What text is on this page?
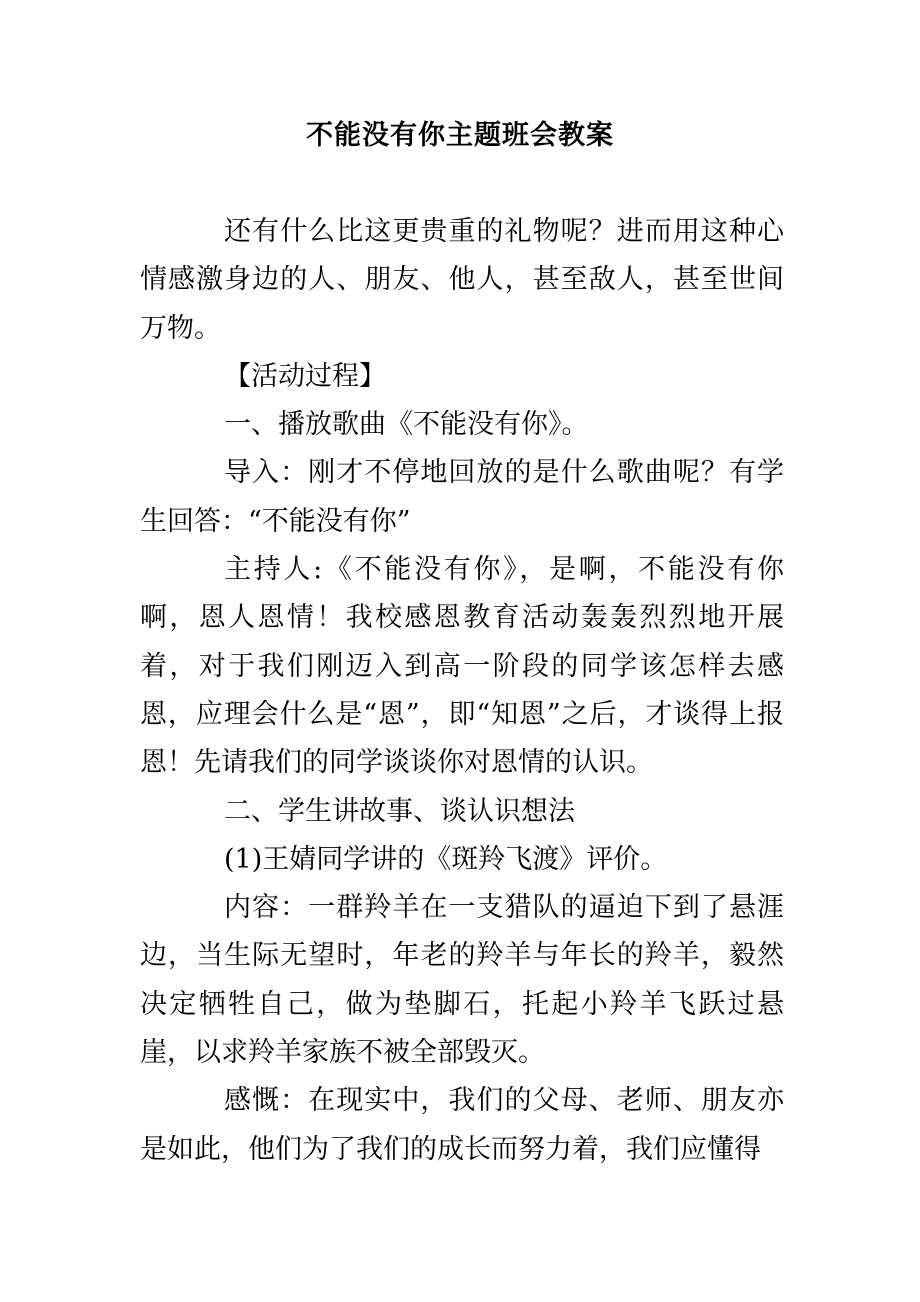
不能没有你主题班会教案

还有什么比这更贵重的礼物呢？进而用这种心情感激身边的人、朋友、他人，甚至敌人，甚至世间万物。

【活动过程】

一、播放歌曲《不能没有你》。

导入：刚才不停地回放的是什么歌曲呢？有学生回答：“不能没有你”

主持人:《不能没有你》，是啊，不能没有你啊，恩人恩情！我校感恩教育活动轰轰烈烈地开展着，对于我们刚迈入到高一阶段的同学该怎样去感恩，应理会什么是“恩”，即“知恩”之后，才谈得上报恩！先请我们的同学谈谈你对恩情的认识。

二、学生讲故事、谈认识想法

(1)王婧同学讲的《斑羚飞渡》评价。

内容：一群羚羊在一支猎队的逼迫下到了悬涯边，当生际无望时，年老的羚羊与年长的羚羊，毅然决定牺牲自己，做为垫脚石，托起小羚羊飞跃过悬崖，以求羚羊家族不被全部毁灭。

感慨：在现实中，我们的父母、老师、朋友亦是如此，他们为了我们的成长而努力着，我们应懂得
